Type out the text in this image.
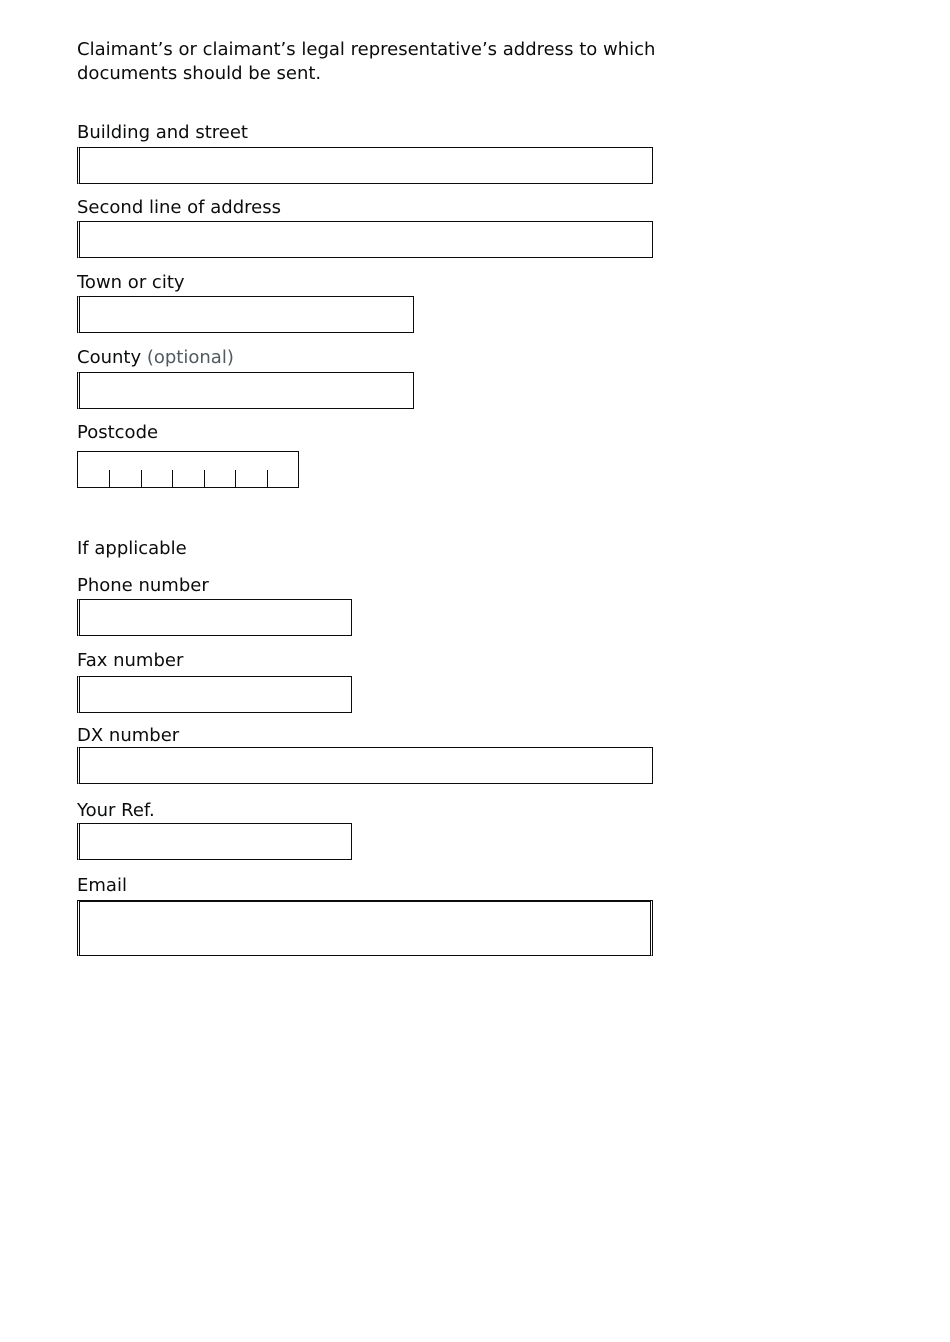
Claimant’s or claimant’s legal representative’s address to which
documents should be sent.
Building and street
Second line of address
Town or city
County (optional)
Postcode
If applicable
Phone number
Fax number
DX number
Your Ref.
Email
